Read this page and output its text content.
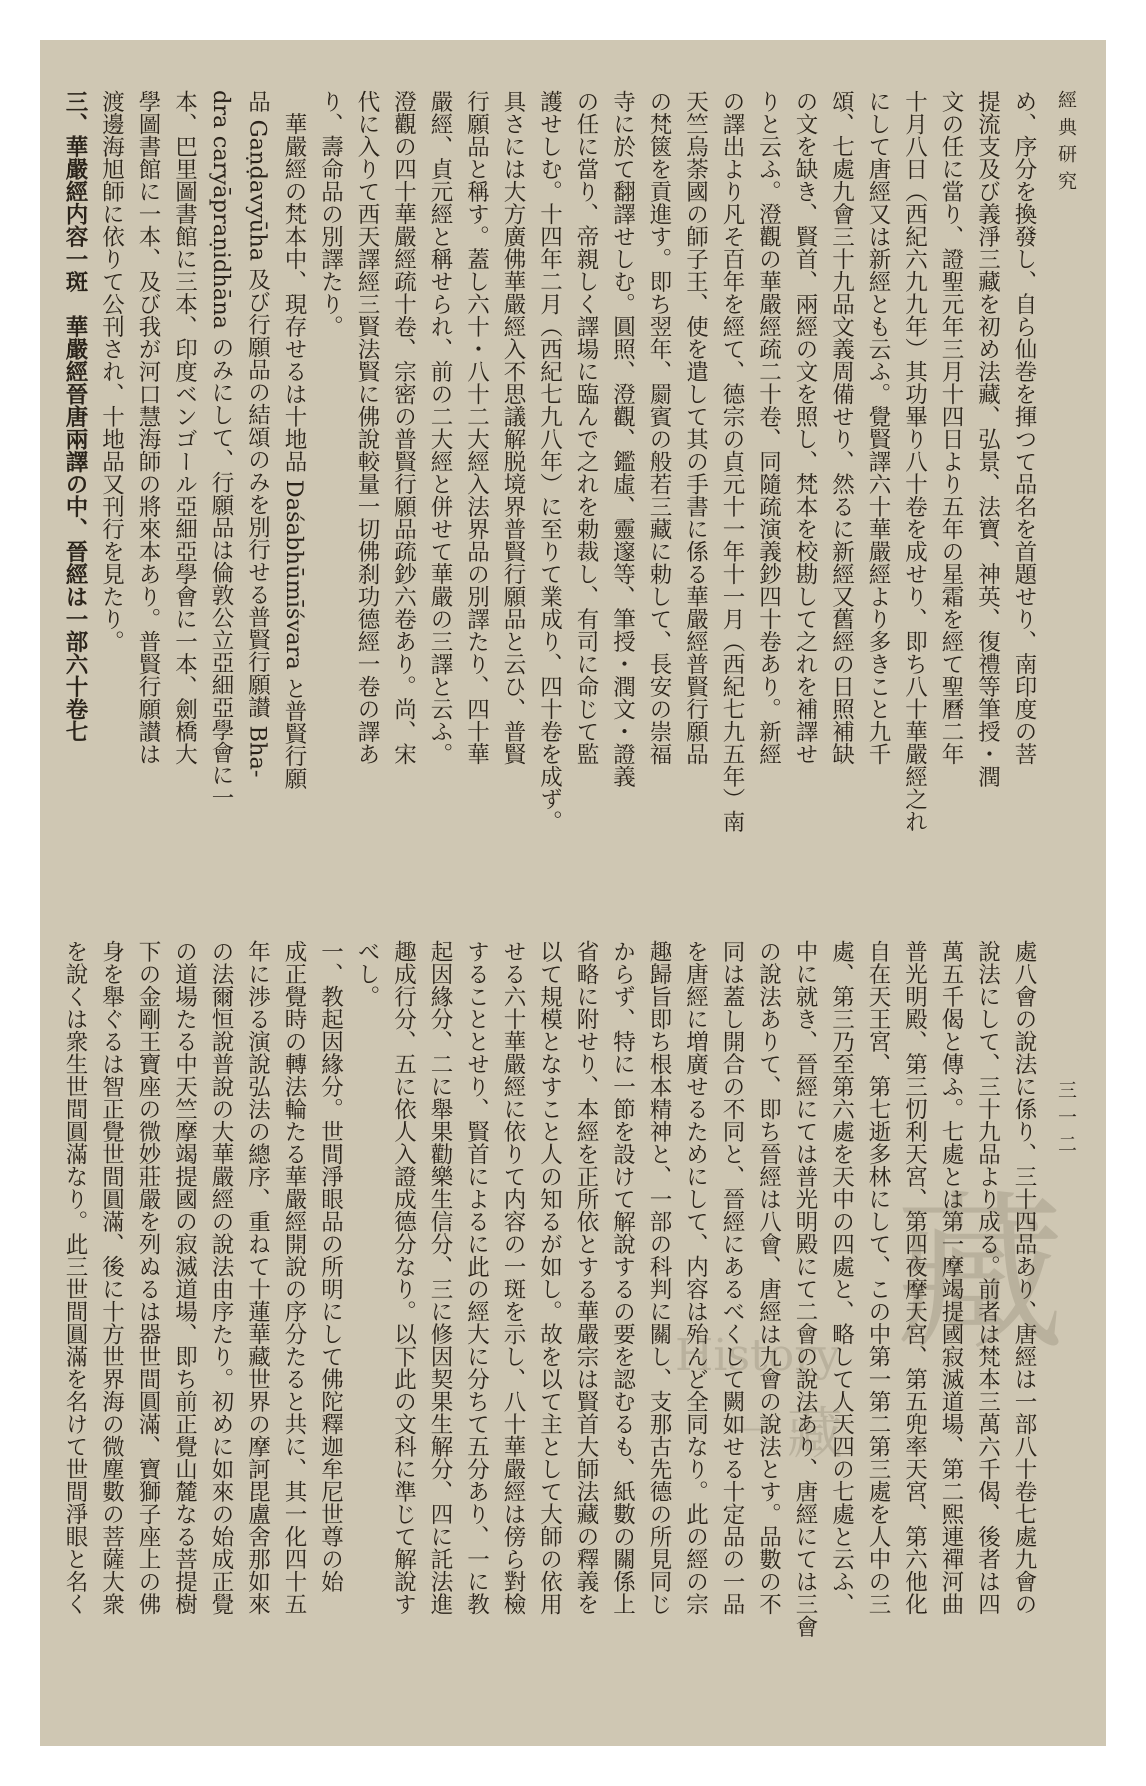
經典研究
三一二

め、序分を換發し、自ら仙巻を揮つて品名を首題せり、南印度の菩

提流支及び義淨三藏を初め法藏、弘景、法寶、神英、復禮等筆授・潤

文の任に當り、證聖元年三月十四日より五年の星霜を經て聖曆二年

十月八日（西紀六九九年）其功畢り八十卷を成せり、即ち八十華嚴經之れ

にして唐經又は新經とも云ふ。覺賢譯六十華嚴經より多きこと九千

頌、七處九會三十九品文義周備せり、然るに新經又舊經の日照補缺

の文を缺き、賢首、兩經の文を照し、梵本を校勘して之れを補譯せ

りと云ふ。澄觀の華嚴經疏二十卷、同隨疏演義鈔四十卷あり。新經

の譯出より凡そ百年を經て、德宗の貞元十一年十一月（西紀七九五年）南

天竺烏荼國の師子王、使を遣して其の手書に係る華嚴經普賢行願品

の梵篋を貢進す。即ち翌年、罽賓の般若三藏に勅して、長安の崇福

寺に於て翻譯せしむ。圓照、澄觀、鑑虛、靈邃等、筆授・潤文・證義

の任に當り、帝親しく譯場に臨んで之れを勅裁し、有司に命じて監

護せしむ。十四年二月（西紀七九八年）に至りて業成り、四十卷を成ず。

具さには大方廣佛華嚴經入不思議解脱境界普賢行願品と云ひ、普賢

行願品と稱す。蓋し六十・八十二大經入法界品の別譯たり、四十華

嚴經、貞元經と稱せられ、前の二大經と併せて華嚴の三譯と云ふ。

澄觀の四十華嚴經疏十卷、宗密の普賢行願品疏鈔六卷あり。尚、宋

代に入りて西天譯經三賢法賢に佛說較量一切佛刹功德經一卷の譯あ

り、壽命品の別譯たり。

　華嚴經の梵本中、現存せるは十地品 Daśabhūmīśvara と普賢行願

品 Gaṇḍavyūha 及び行願品の結頌のみを別行せる普賢行願讃 Bha-

dra caryāpraṇidhāna のみにして、行願品は倫敦公立亞細亞學會に一

本、巴里圖書館に三本、印度ベンゴール亞細亞學會に一本、劍橋大

學圖書館に一本、及び我が河口慧海師の將來本あり。普賢行願讃は

渡邊海旭師に依りて公刊され、十地品又刊行を見たり。

三、華嚴經内容一斑　華嚴經晉唐兩譯の中、晉經は一部六十卷七

處八會の說法に係り、三十四品あり、唐經は一部八十卷七處九會の

說法にして、三十九品より成る。前者は梵本三萬六千偈、後者は四

萬五千偈と傳ふ。七處とは第一摩竭提國寂滅道場、第二熙連禪河曲

普光明殿、第三忉利天宮、第四夜摩天宮、第五兜率天宮、第六他化

自在天王宮、第七逝多林にして、この中第一第二第三處を人中の三

處、第三乃至第六處を天中の四處と、略して人天四の七處と云ふ、

中に就き、晉經にては普光明殿にて二會の說法あり、唐經にては三會

の說法ありて、即ち晉經は八會、唐經は九會の說法とす。品數の不

同は蓋し開合の不同と、晉經にあるべくして闕如せる十定品の一品

を唐經に増廣せるためにして、内容は殆んど全同なり。此の經の宗

趣歸旨即ち根本精神と、一部の科判に關し、支那古先德の所見同じ

からず、特に一節を設けて解說するの要を認むるも、紙數の關係上

省略に附せり、本經を正所依とする華嚴宗は賢首大師法藏の釋義を

以て規模となすこと人の知るが如し。故を以て主として大師の依用

せる六十華嚴經に依りて内容の一斑を示し、八十華嚴經は傍ら對檢

することとせり、賢首によるに此の經大に分ちて五分あり、一に教

起因緣分、二に舉果勸樂生信分、三に修因契果生解分、四に託法進

趣成行分、五に依人入證成德分なり。以下此の文科に準じて解說す

べし。

一、教起因緣分。世間淨眼品の所明にして佛陀釋迦牟尼世尊の始

成正覺時の轉法輪たる華嚴經開說の序分たると共に、其一化四十五

年に渉る演說弘法の總序、重ねて十蓮華藏世界の摩訶毘盧舍那如來

の法爾恒說普說の大華嚴經の說法由序たり。初めに如來の始成正覺

の道場たる中天竺摩竭提國の寂滅道場、即ち前正覺山麓なる菩提樹

下の金剛王寶座の微妙莊嚴を列ぬるは器世間圓滿、寶獅子座上の佛

身を舉ぐるは智正覺世間圓滿、後に十方世界海の微塵數の菩薩大衆

を說くは衆生世間圓滿なり。此三世間圓滿を名けて世間淨眼と名く	藏
History
一藏
